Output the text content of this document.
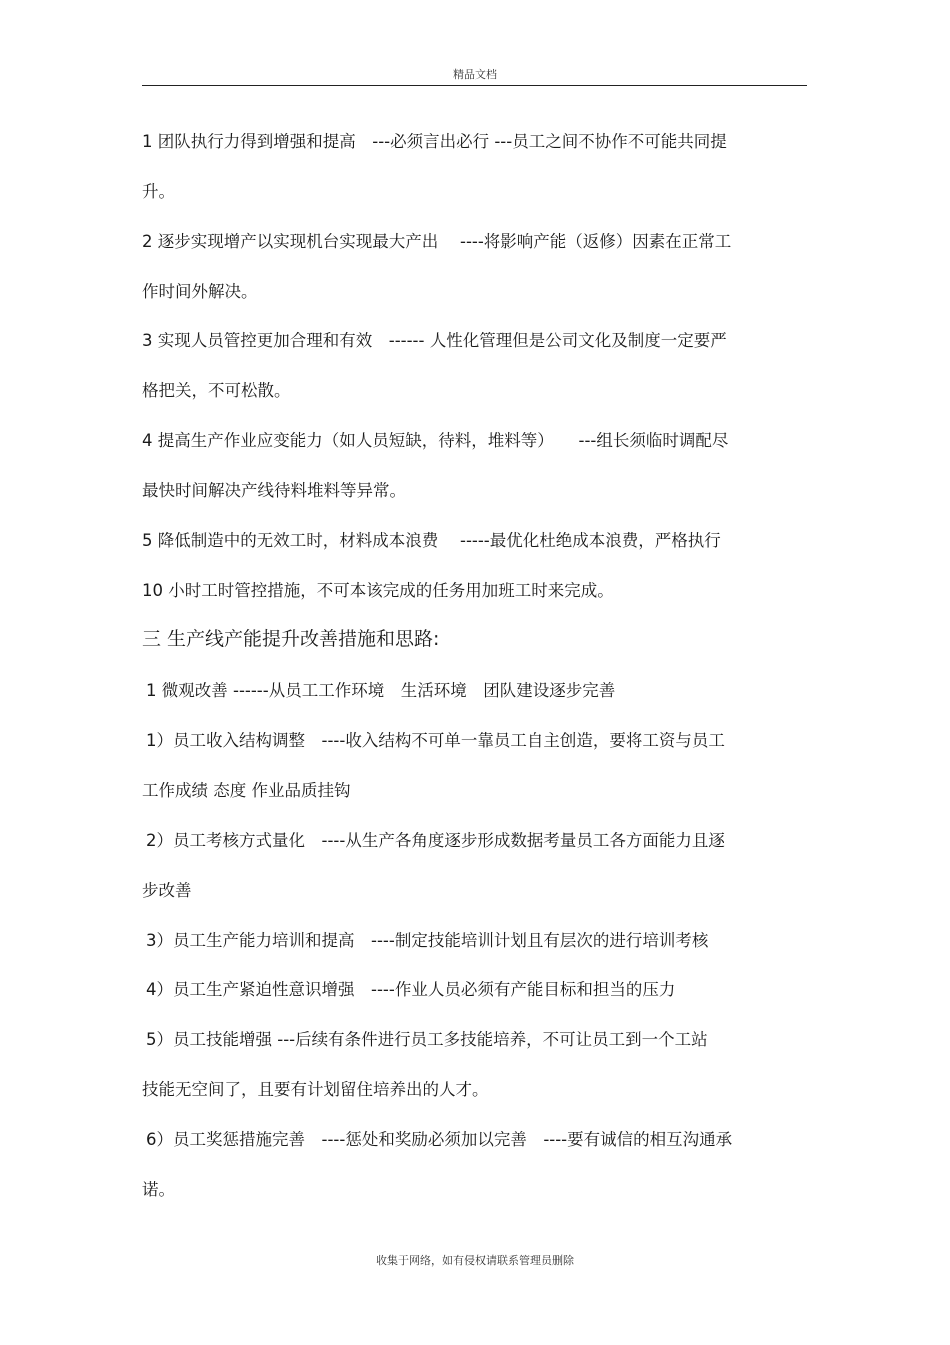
精品文档
1 团队执行力得到增强和提高　---必须言出必行 ---员工之间不协作不可能共同提
升。
2 逐步实现增产以实现机台实现最大产出　 ----将影响产能（返修）因素在正常工
作时间外解决。
3 实现人员管控更加合理和有效　------ 人性化管理但是公司文化及制度一定要严
格把关，不可松散。
4 提高生产作业应变能力（如人员短缺，待料，堆料等）　　---组长须临时调配尽
最快时间解决产线待料堆料等异常。
5 降低制造中的无效工时，材料成本浪费　 -----最优化杜绝成本浪费，严格执行
10 小时工时管控措施，不可本该完成的任务用加班工时来完成。
三 生产线产能提升改善措施和思路:
1 微观改善 ------从员工工作环境　生活环境　团队建设逐步完善
1）员工收入结构调整　----收入结构不可单一靠员工自主创造，要将工资与员工
工作成绩 态度 作业品质挂钩
2）员工考核方式量化　----从生产各角度逐步形成数据考量员工各方面能力且逐
步改善
3）员工生产能力培训和提高　----制定技能培训计划且有层次的进行培训考核
4）员工生产紧迫性意识增强　----作业人员必须有产能目标和担当的压力
5）员工技能增强 ---后续有条件进行员工多技能培养，不可让员工到一个工站
技能无空间了，且要有计划留住培养出的人才。
6）员工奖惩措施完善　----惩处和奖励必须加以完善　----要有诚信的相互沟通承
诺。
收集于网络，如有侵权请联系管理员删除
